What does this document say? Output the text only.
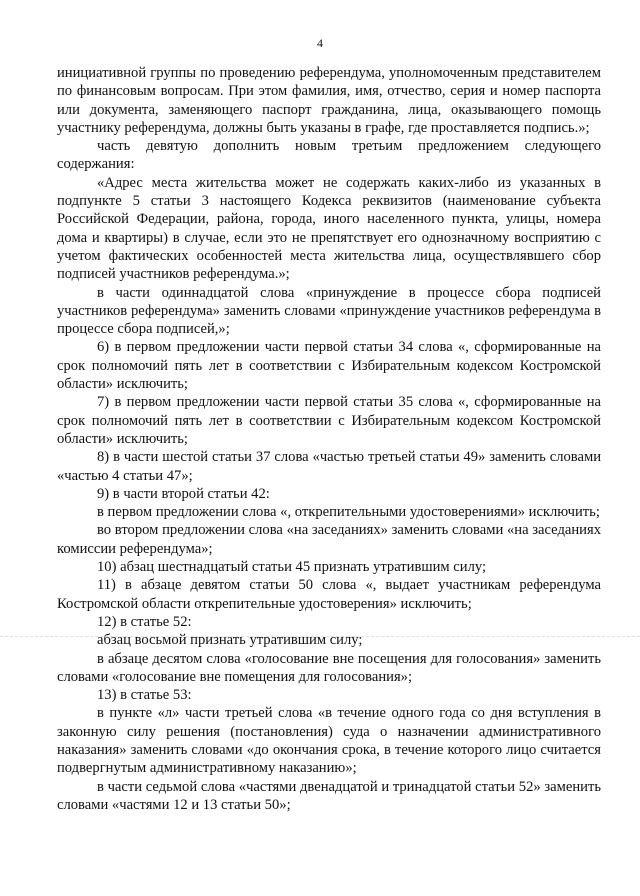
4

инициативной группы по проведению референдума, уполномоченным представителем по финансовым вопросам. При этом фамилия, имя, отчество, серия и номер паспорта или документа, заменяющего паспорт гражданина, лица, оказывающего помощь участнику референдума, должны быть указаны в графе, где проставляется подпись.»;

часть девятую дополнить новым третьим предложением следующего содержания:

«Адрес места жительства может не содержать каких-либо из указанных в подпункте 5 статьи 3 настоящего Кодекса реквизитов (наименование субъекта Российской Федерации, района, города, иного населенного пункта, улицы, номера дома и квартиры) в случае, если это не препятствует его однозначному восприятию с учетом фактических особенностей места жительства лица, осуществлявшего сбор подписей участников референдума.»;

в части одиннадцатой слова «принуждение в процессе сбора подписей участников референдума» заменить словами «принуждение участников референдума в процессе сбора подписей,»;

6) в первом предложении части первой статьи 34 слова «, сформированные на срок полномочий пять лет в соответствии с Избирательным кодексом Костромской области» исключить;

7) в первом предложении части первой статьи 35 слова «, сформированные на срок полномочий пять лет в соответствии с Избирательным кодексом Костромской области» исключить;

8) в части шестой статьи 37 слова «частью третьей статьи 49» заменить словами «частью 4 статьи 47»;

9) в части второй статьи 42:

в первом предложении слова «, открепительными удостоверениями» исключить;

во втором предложении слова «на заседаниях» заменить словами «на заседаниях комиссии референдума»;

10) абзац шестнадцатый статьи 45 признать утратившим силу;

11) в абзаце девятом статьи 50 слова «, выдает участникам референдума Костромской области открепительные удостоверения» исключить;

12) в статье 52:

абзац восьмой признать утратившим силу;

в абзаце десятом слова «голосование вне посещения для голосования» заменить словами «голосование вне помещения для голосования»;

13) в статье 53:

в пункте «л» части третьей слова «в течение одного года со дня вступления в законную силу решения (постановления) суда о назначении административного наказания» заменить словами «до окончания срока, в течение которого лицо считается подвергнутым административному наказанию»;

в части седьмой слова «частями двенадцатой и тринадцатой статьи 52» заменить словами «частями 12 и 13 статьи 50»;
